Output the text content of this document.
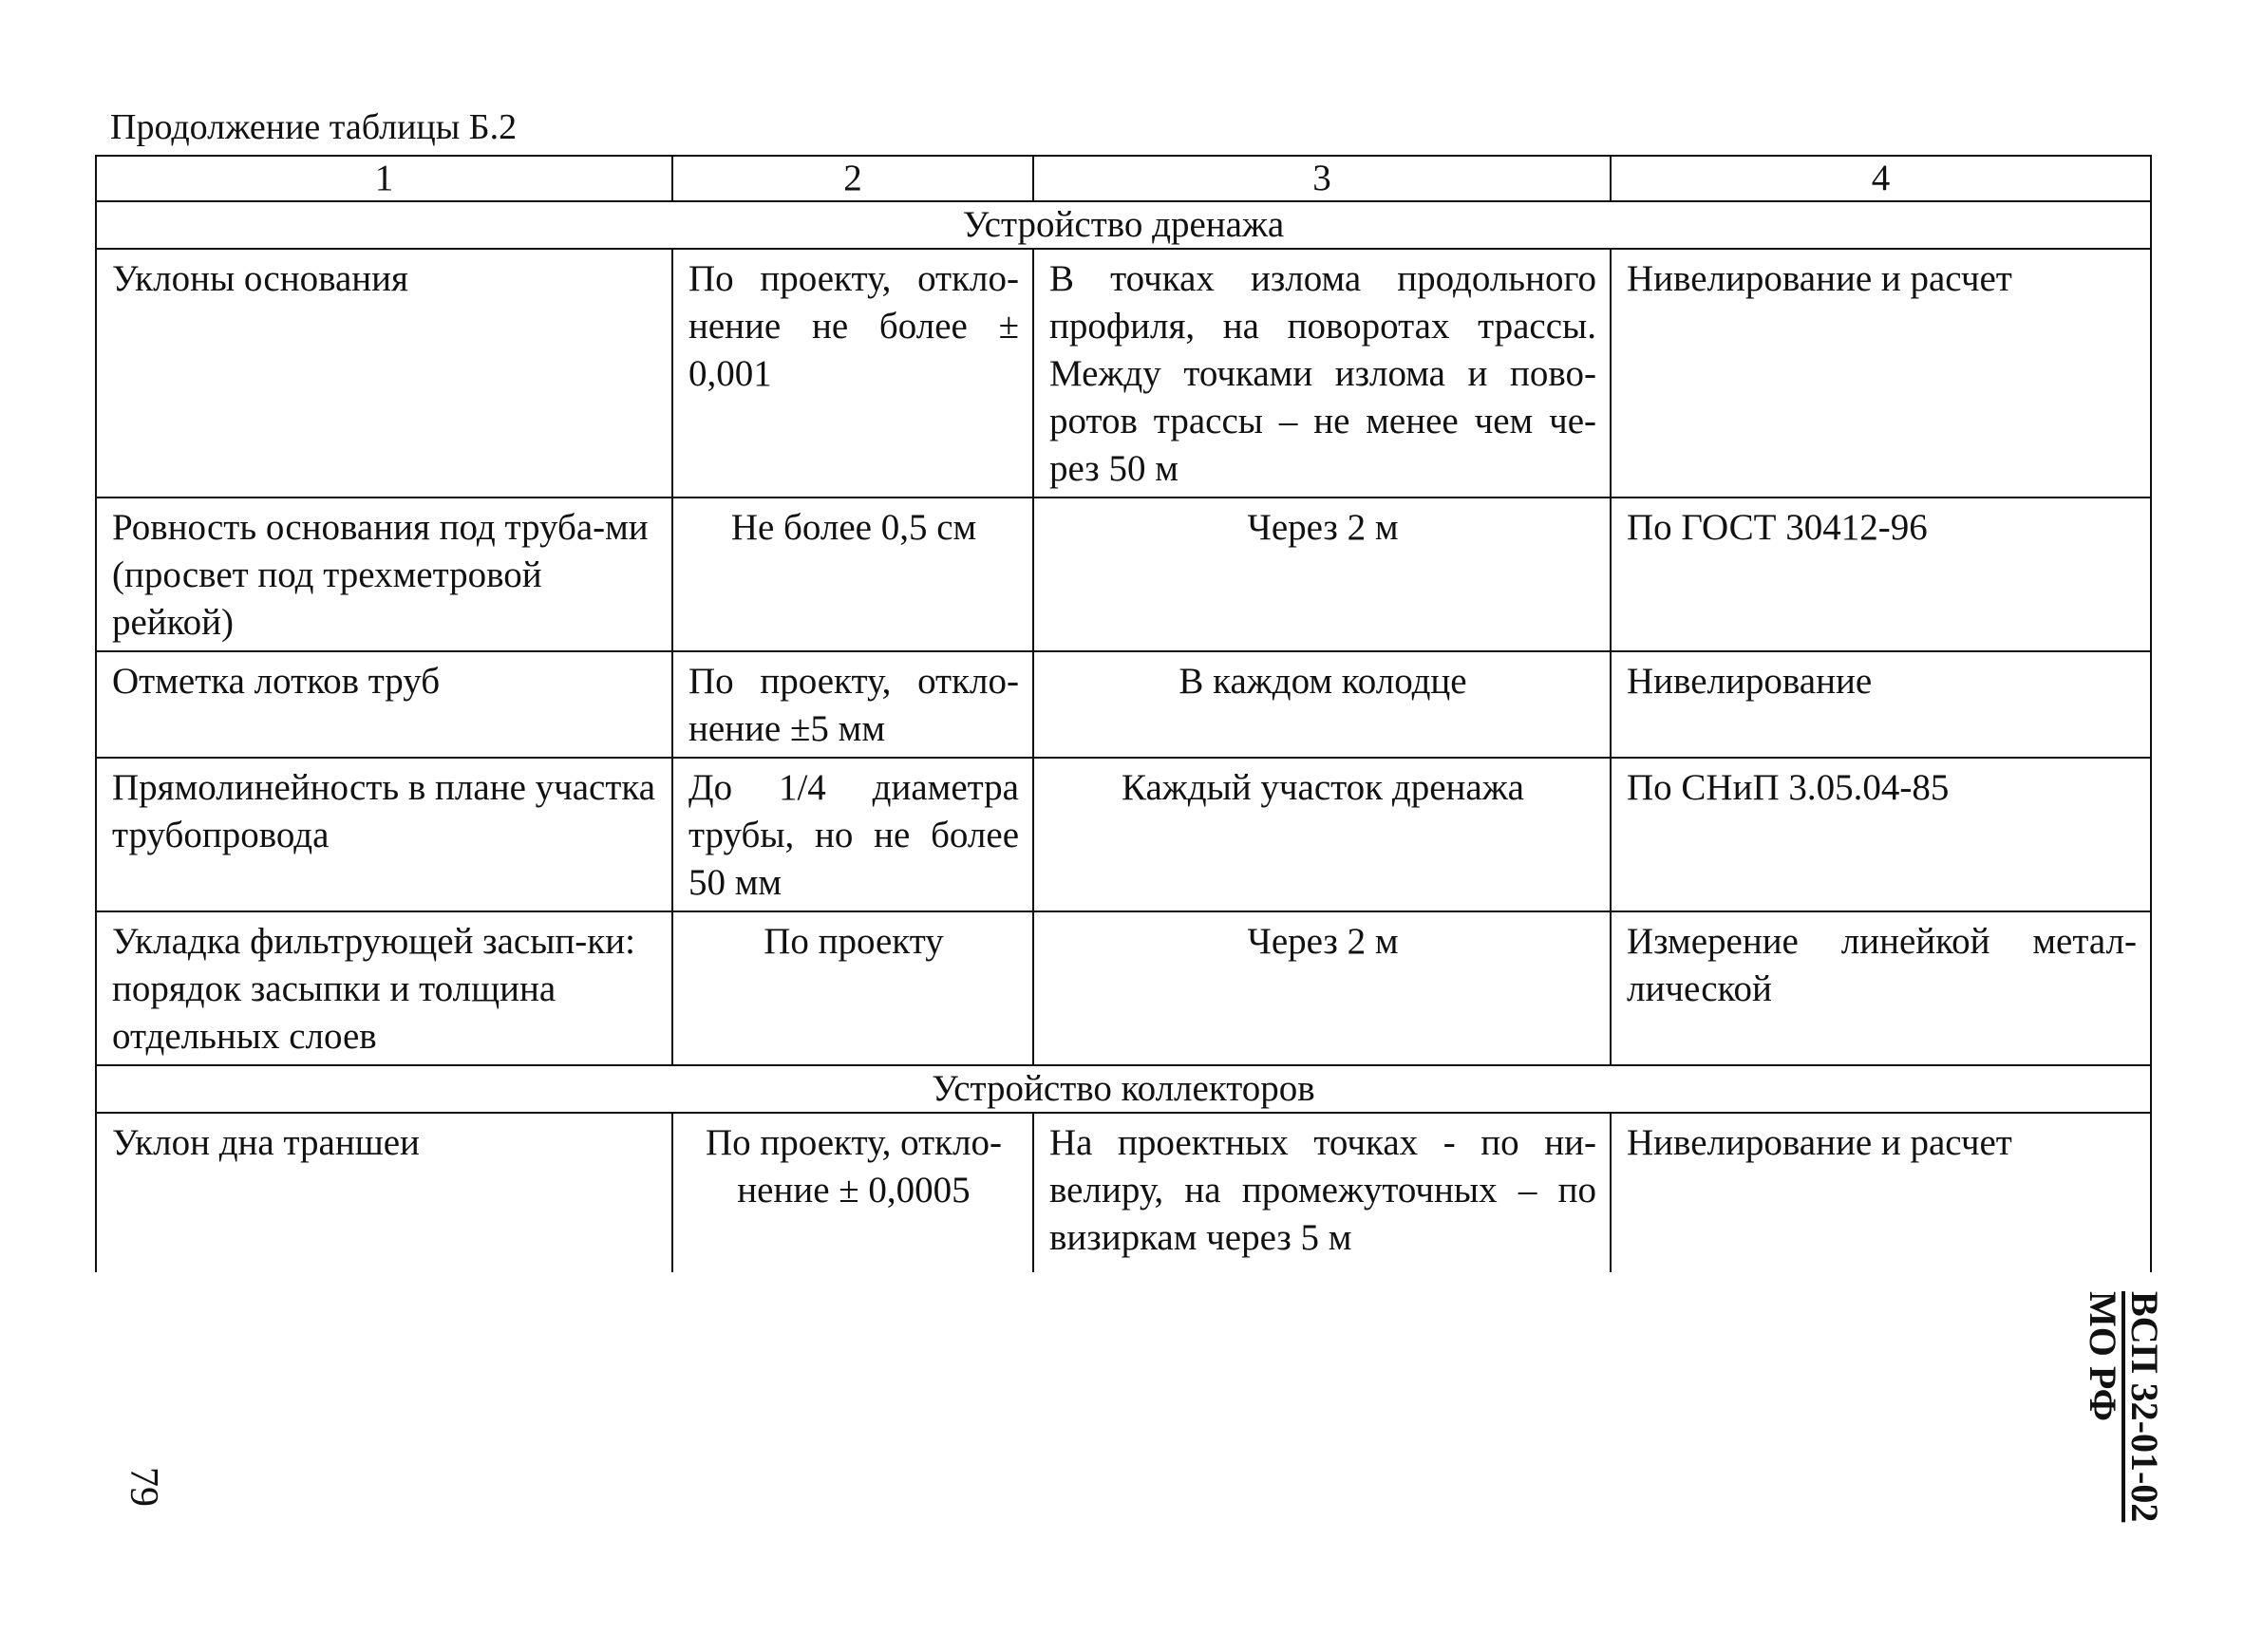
Продолжение таблицы Б.2
1	2	3	4
Устройство дренажа			
Уклоны основания	По проекту, откло-нение не более ± 0,001	В точках излома продольного профиля, на поворотах трассы. Между точками излома и пово-ротов трассы – не менее чем че-рез 50 м	Нивелирование и расчет
Ровность основания под труба-ми (просвет под трехметровой рейкой)	Не более 0,5 см	Через 2 м	По ГОСТ 30412-96
Отметка лотков труб	По проекту, откло-нение ±5 мм	В каждом колодце	Нивелирование
Прямолинейность в плане участка трубопровода	До 1/4 диаметра трубы, но не более 50 мм	Каждый участок дренажа	По СНиП 3.05.04-85
Укладка фильтрующей засып-ки: порядок засыпки и толщина отдельных слоев	По проекту	Через 2 м	Измерение линейкой метал-лической
Устройство коллекторов			
Уклон дна траншеи	По проекту, откло-нение ± 0,0005	На проектных точках - по ни-велиру, на промежуточных – по визиркам через 5 м	Нивелирование и расчет
ВСП 32-01-02
МО РФ
79
